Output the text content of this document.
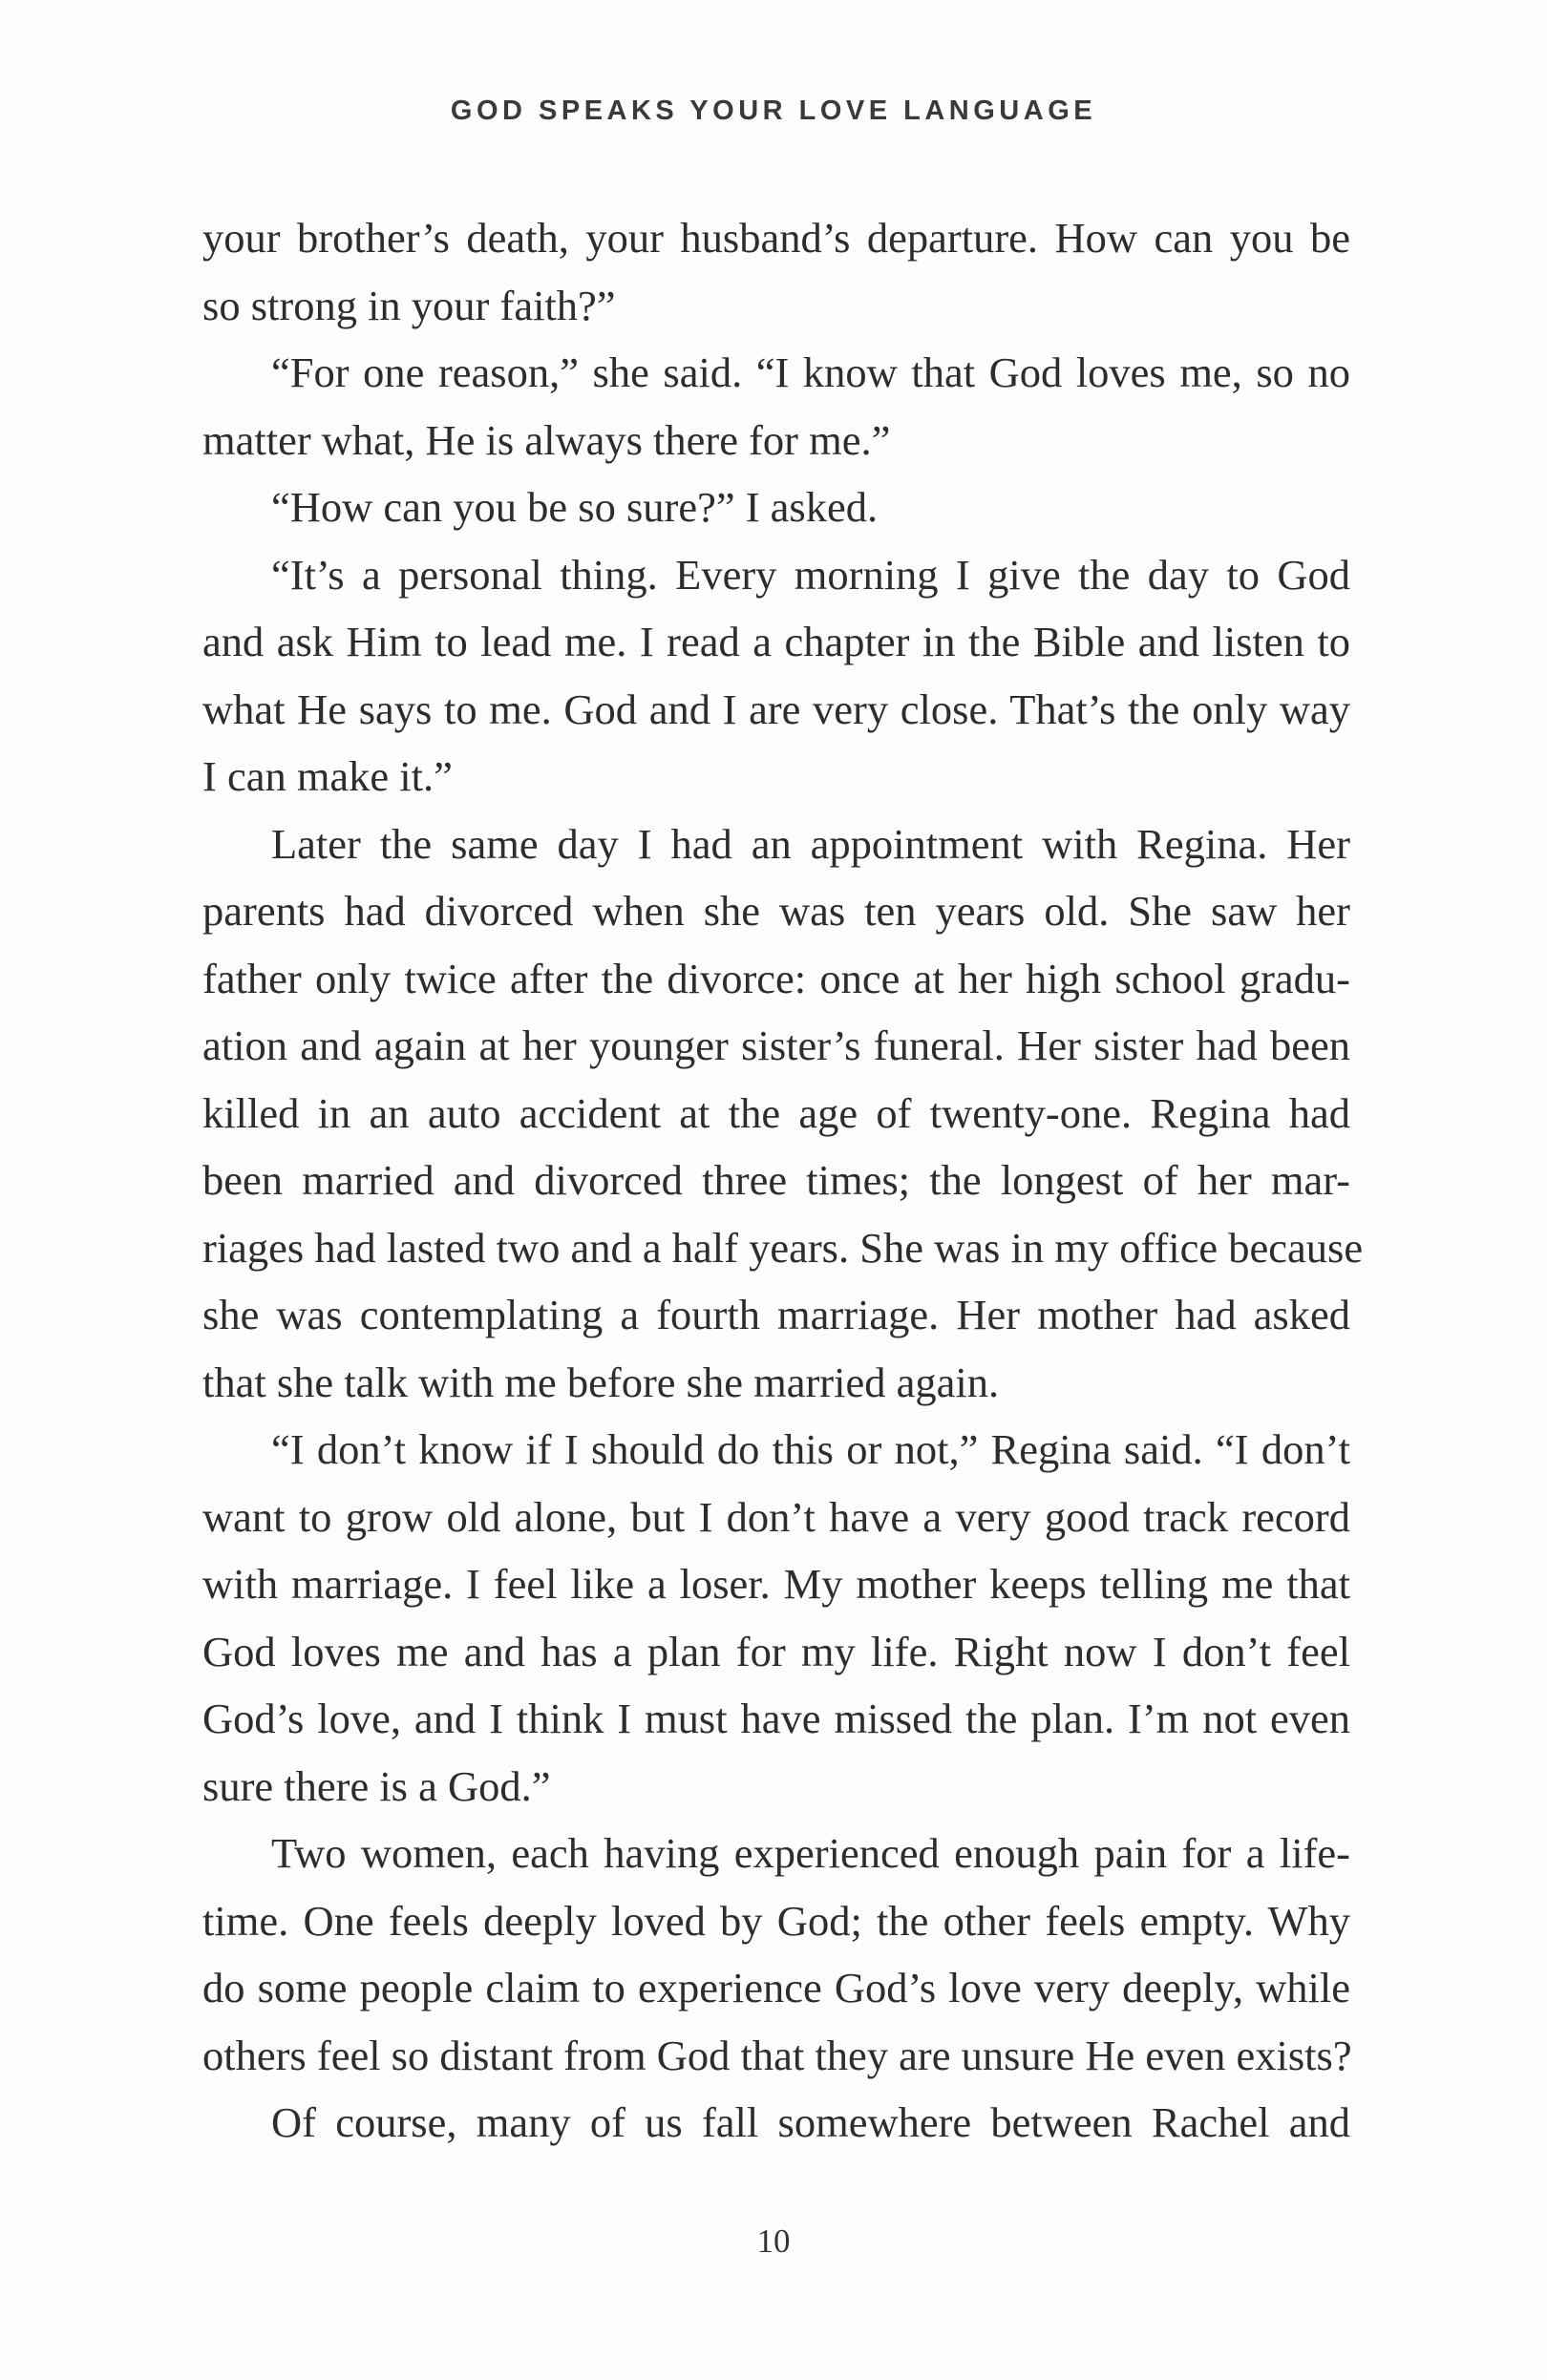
GOD SPEAKS YOUR LOVE LANGUAGE
your brother’s death, your husband’s departure. How can you be
so strong in your faith?”
“For one reason,” she said. “I know that God loves me, so no
matter what, He is always there for me.”
“How can you be so sure?” I asked.
“It’s a personal thing. Every morning I give the day to God
and ask Him to lead me. I read a chapter in the Bible and listen to
what He says to me. God and I are very close. That’s the only way
I can make it.”
Later the same day I had an appointment with Regina. Her
parents had divorced when she was ten years old. She saw her
father only twice after the divorce: once at her high school gradu-
ation and again at her younger sister’s funeral. Her sister had been
killed in an auto accident at the age of twenty-one. Regina had
been married and divorced three times; the longest of her mar-
riages had lasted two and a half years. She was in my office because
she was contemplating a fourth marriage. Her mother had asked
that she talk with me before she married again.
“I don’t know if I should do this or not,” Regina said. “I don’t
want to grow old alone, but I don’t have a very good track record
with marriage. I feel like a loser. My mother keeps telling me that
God loves me and has a plan for my life. Right now I don’t feel
God’s love, and I think I must have missed the plan. I’m not even
sure there is a God.”
Two women, each having experienced enough pain for a life-
time. One feels deeply loved by God; the other feels empty. Why
do some people claim to experience God’s love very deeply, while
others feel so distant from God that they are unsure He even exists?
Of course, many of us fall somewhere between Rachel and
10
